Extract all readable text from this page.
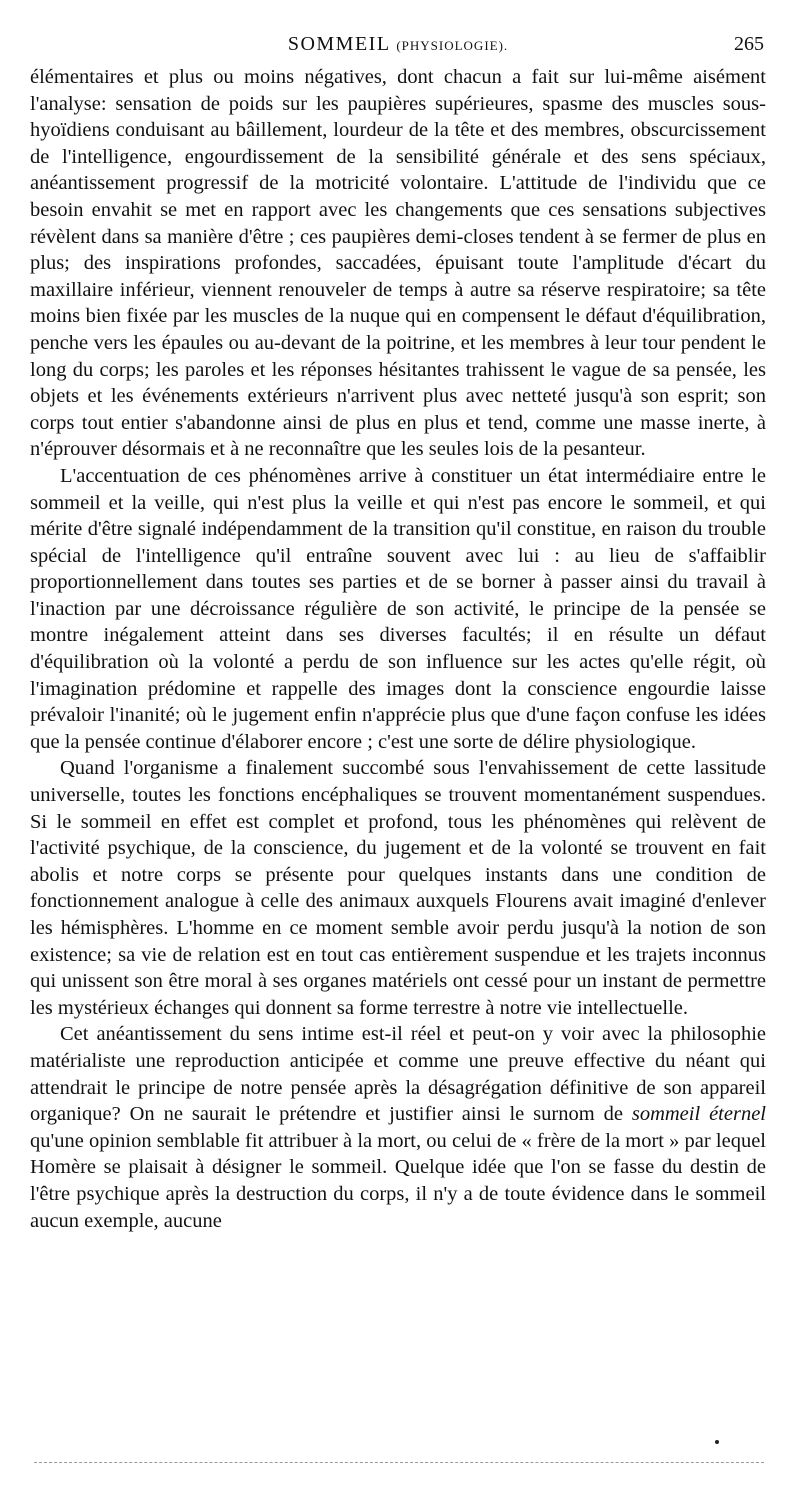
SOMMEIL (PHYSIOLOGIE).	265

élémentaires et plus ou moins négatives, dont chacun a fait sur lui-même aisément l'analyse: sensation de poids sur les paupières supérieures, spasme des muscles sous-hyoïdiens conduisant au bâillement, lourdeur de la tête et des membres, obscurcissement de l'intelligence, engourdissement de la sensibilité générale et des sens spéciaux, anéantissement progressif de la motricité volontaire. L'attitude de l'individu que ce besoin envahit se met en rapport avec les changements que ces sensations subjectives révèlent dans sa manière d'être ; ces paupières demi-closes tendent à se fermer de plus en plus; des inspirations profondes, saccadées, épuisant toute l'amplitude d'écart du maxillaire inférieur, viennent renouveler de temps à autre sa réserve respiratoire; sa tête moins bien fixée par les muscles de la nuque qui en compensent le défaut d'équilibration, penche vers les épaules ou au-devant de la poitrine, et les membres à leur tour pendent le long du corps; les paroles et les réponses hésitantes trahissent le vague de sa pensée, les objets et les événements extérieurs n'arrivent plus avec netteté jusqu'à son esprit; son corps tout entier s'abandonne ainsi de plus en plus et tend, comme une masse inerte, à n'éprouver désormais et à ne reconnaître que les seules lois de la pesanteur.

L'accentuation de ces phénomènes arrive à constituer un état intermédiaire entre le sommeil et la veille, qui n'est plus la veille et qui n'est pas encore le sommeil, et qui mérite d'être signalé indépendamment de la transition qu'il constitue, en raison du trouble spécial de l'intelligence qu'il entraîne souvent avec lui : au lieu de s'affaiblir proportionnellement dans toutes ses parties et de se borner à passer ainsi du travail à l'inaction par une décroissance régulière de son activité, le principe de la pensée se montre inégalement atteint dans ses diverses facultés; il en résulte un défaut d'équilibration où la volonté a perdu de son influence sur les actes qu'elle régit, où l'imagination prédomine et rappelle des images dont la conscience engourdie laisse prévaloir l'inanité; où le jugement enfin n'apprécie plus que d'une façon confuse les idées que la pensée continue d'élaborer encore ; c'est une sorte de délire physiologique.

Quand l'organisme a finalement succombé sous l'envahissement de cette lassitude universelle, toutes les fonctions encéphaliques se trouvent momentanément suspendues. Si le sommeil en effet est complet et profond, tous les phénomènes qui relèvent de l'activité psychique, de la conscience, du jugement et de la volonté se trouvent en fait abolis et notre corps se présente pour quelques instants dans une condition de fonctionnement analogue à celle des animaux auxquels Flourens avait imaginé d'enlever les hémisphères. L'homme en ce moment semble avoir perdu jusqu'à la notion de son existence; sa vie de relation est en tout cas entièrement suspendue et les trajets inconnus qui unissent son être moral à ses organes matériels ont cessé pour un instant de permettre les mystérieux échanges qui donnent sa forme terrestre à notre vie intellectuelle.

Cet anéantissement du sens intime est-il réel et peut-on y voir avec la philosophie matérialiste une reproduction anticipée et comme une preuve effective du néant qui attendrait le principe de notre pensée après la désagrégation définitive de son appareil organique? On ne saurait le prétendre et justifier ainsi le surnom de sommeil éternel qu'une opinion semblable fit attribuer à la mort, ou celui de « frère de la mort » par lequel Homère se plaisait à désigner le sommeil. Quelque idée que l'on se fasse du destin de l'être psychique après la destruction du corps, il n'y a de toute évidence dans le sommeil aucun exemple, aucune
